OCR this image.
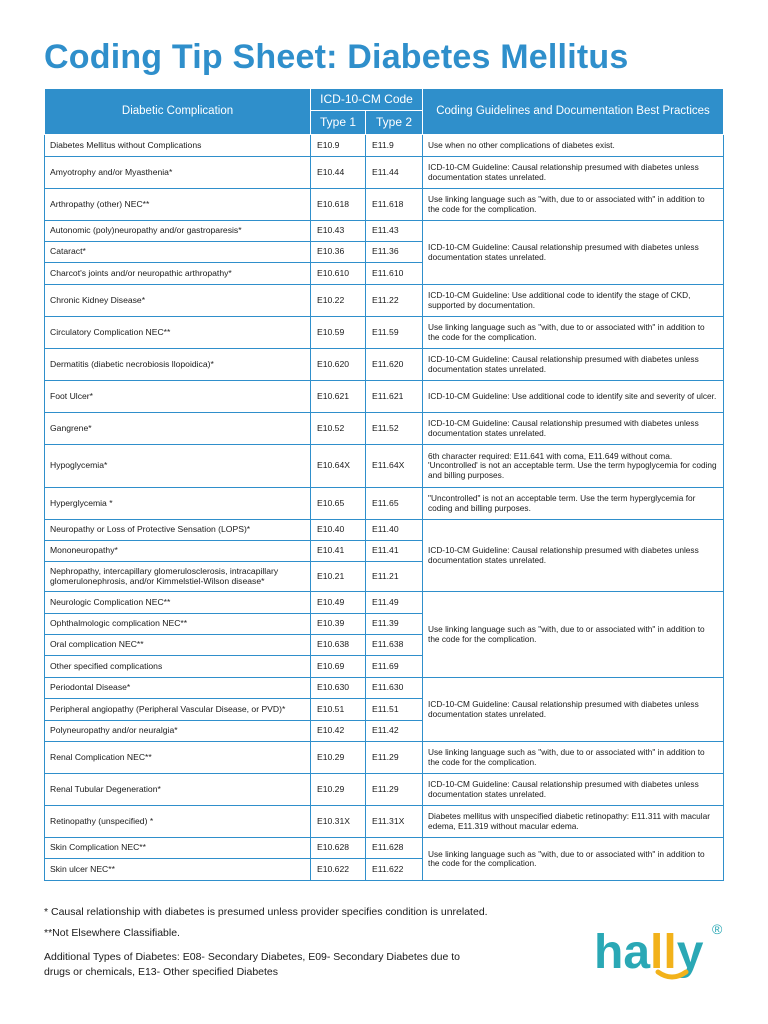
Coding Tip Sheet: Diabetes Mellitus
Diabetic Complication	ICD-10-CM Code		Coding Guidelines and Documentation Best Practices
	Type 1	Type 2	
Diabetes Mellitus without Complications	E10.9	E11.9	Use when no other complications of diabetes exist.
Amyotrophy and/or Myasthenia*	E10.44	E11.44	ICD-10-CM Guideline: Causal relationship presumed with diabetes unless documentation states unrelated.
Arthropathy (other) NEC**	E10.618	E11.618	Use linking language such as "with, due to or associated with" in addition to the code for the complication.
Autonomic (poly)neuropathy and/or gastroparesis*	E10.43	E11.43	ICD-10-CM Guideline: Causal relationship presumed with diabetes unless documentation states unrelated.
Cataract*	E10.36	E11.36	
Charcot's joints and/or neuropathic arthropathy*	E10.610	E11.610	
Chronic Kidney Disease*	E10.22	E11.22	ICD-10-CM Guideline: Use additional code to identify the stage of CKD, supported by documentation.
Circulatory Complication NEC**	E10.59	E11.59	Use linking language such as "with, due to or associated with" in addition to the code for the complication.
Dermatitis (diabetic necrobiosis llopoidica)*	E10.620	E11.620	ICD-10-CM Guideline: Causal relationship presumed with diabetes unless documentation states unrelated.
Foot Ulcer*	E10.621	E11.621	ICD-10-CM Guideline: Use additional code to identify site and severity of ulcer.
Gangrene*	E10.52	E11.52	ICD-10-CM Guideline: Causal relationship presumed with diabetes unless documentation states unrelated.
Hypoglycemia*	E10.64X	E11.64X	6th character required: E11.641 with coma, E11.649 without coma. 'Uncontrolled' is not an acceptable term. Use the term hypoglycemia for coding and billing purposes.
Hyperglycemia *	E10.65	E11.65	"Uncontrolled" is not an acceptable term. Use the term hyperglycemia for coding and billing purposes.
Neuropathy or Loss of Protective Sensation (LOPS)*	E10.40	E11.40	ICD-10-CM Guideline: Causal relationship presumed with diabetes unless documentation states unrelated.
Mononeuropathy*	E10.41	E11.41	
Nephropathy, intercapillary glomerulosclerosis, intracapillary glomerulonephrosis, and/or Kimmelstiel-Wilson disease*	E10.21	E11.21	
Neurologic Complication NEC**	E10.49	E11.49	Use linking language such as "with, due to or associated with" in addition to the code for the complication.
Ophthalmologic complication NEC**	E10.39	E11.39	
Oral complication NEC**	E10.638	E11.638	
Other specified complications	E10.69	E11.69	
Periodontal Disease*	E10.630	E11.630	ICD-10-CM Guideline: Causal relationship presumed with diabetes unless documentation states unrelated.
Peripheral angiopathy (Peripheral Vascular Disease, or PVD)*	E10.51	E11.51	
Polyneuropathy and/or neuralgia*	E10.42	E11.42	
Renal Complication NEC**	E10.29	E11.29	Use linking language such as "with, due to or associated with" in addition to the code for the complication.
Renal Tubular Degeneration*	E10.29	E11.29	ICD-10-CM Guideline: Causal relationship presumed with diabetes unless documentation states unrelated.
Retinopathy (unspecified) *	E10.31X	E11.31X	Diabetes mellitus with unspecified diabetic retinopathy: E11.311 with macular edema, E11.319 without macular edema.
Skin Complication NEC**	E10.628	E11.628	Use linking language such as "with, due to or associated with" in addition to the code for the complication.
Skin ulcer NEC**	E10.622	E11.622	

* Causal relationship with diabetes is presumed unless provider specifies condition is unrelated.

**Not Elsewhere Classifiable.

Additional Types of Diabetes: E08- Secondary Diabetes, E09- Secondary Diabetes due to drugs or chemicals, E13- Other specified Diabetes	hally ®
